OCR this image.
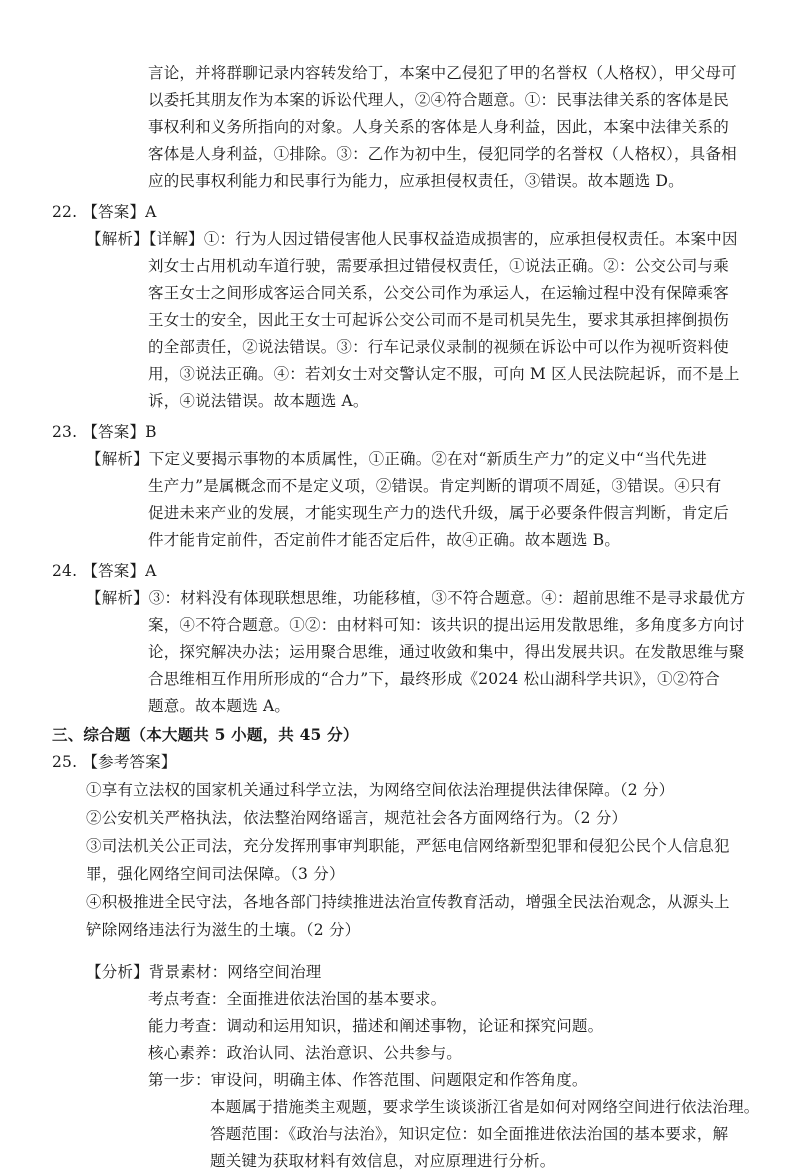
言论，并将群聊记录内容转发给丁，本案中乙侵犯了甲的名誉权（人格权），甲父母可
以委托其朋友作为本案的诉讼代理人，②④符合题意。①：民事法律关系的客体是民
事权利和义务所指向的对象。人身关系的客体是人身利益，因此，本案中法律关系的
客体是人身利益，①排除。③：乙作为初中生，侵犯同学的名誉权（人格权），具备相
应的民事权利能力和民事行为能力，应承担侵权责任，③错误。故本题选 D。
22. 【答案】A
【解析】【详解】①：行为人因过错侵害他人民事权益造成损害的，应承担侵权责任。本案中因
刘女士占用机动车道行驶，需要承担过错侵权责任，①说法正确。②：公交公司与乘
客王女士之间形成客运合同关系，公交公司作为承运人，在运输过程中没有保障乘客
王女士的安全，因此王女士可起诉公交公司而不是司机吴先生，要求其承担摔倒损伤
的全部责任，②说法错误。③：行车记录仪录制的视频在诉讼中可以作为视听资料使
用，③说法正确。④：若刘女士对交警认定不服，可向 M 区人民法院起诉，而不是上
诉，④说法错误。故本题选 A。
23. 【答案】B
【解析】下定义要揭示事物的本质属性，①正确。②在对“新质生产力”的定义中“当代先进
生产力”是属概念而不是定义项，②错误。肯定判断的谓项不周延，③错误。④只有
促进未来产业的发展，才能实现生产力的迭代升级，属于必要条件假言判断，肯定后
件才能肯定前件，否定前件才能否定后件，故④正确。故本题选 B。
24. 【答案】A
【解析】③：材料没有体现联想思维，功能移植，③不符合题意。④：超前思维不是寻求最优方
案，④不符合题意。①②：由材料可知：该共识的提出运用发散思维，多角度多方向讨
论，探究解决办法；运用聚合思维，通过收敛和集中，得出发展共识。在发散思维与聚
合思维相互作用所形成的“合力”下，最终形成《2024 松山湖科学共识》，①②符合
题意。故本题选 A。
三、综合题（本大题共 5 小题，共 45 分）
25. 【参考答案】
①享有立法权的国家机关通过科学立法，为网络空间依法治理提供法律保障。（2 分）
②公安机关严格执法，依法整治网络谣言，规范社会各方面网络行为。（2 分）
③司法机关公正司法，充分发挥刑事审判职能，严惩电信网络新型犯罪和侵犯公民个人信息犯
罪，强化网络空间司法保障。（3 分）
④积极推进全民守法，各地各部门持续推进法治宣传教育活动，增强全民法治观念，从源头上
铲除网络违法行为滋生的土壤。（2 分）
【分析】背景素材：网络空间治理
考点考查：全面推进依法治国的基本要求。
能力考查：调动和运用知识，描述和阐述事物，论证和探究问题。
核心素养：政治认同、法治意识、公共参与。
第一步：审设问，明确主体、作答范围、问题限定和作答角度。
本题属于措施类主观题，要求学生谈谈浙江省是如何对网络空间进行依法治理。
答题范围：《政治与法治》，知识定位：如全面推进依法治国的基本要求，解
题关键为获取材料有效信息，对应原理进行分析。
